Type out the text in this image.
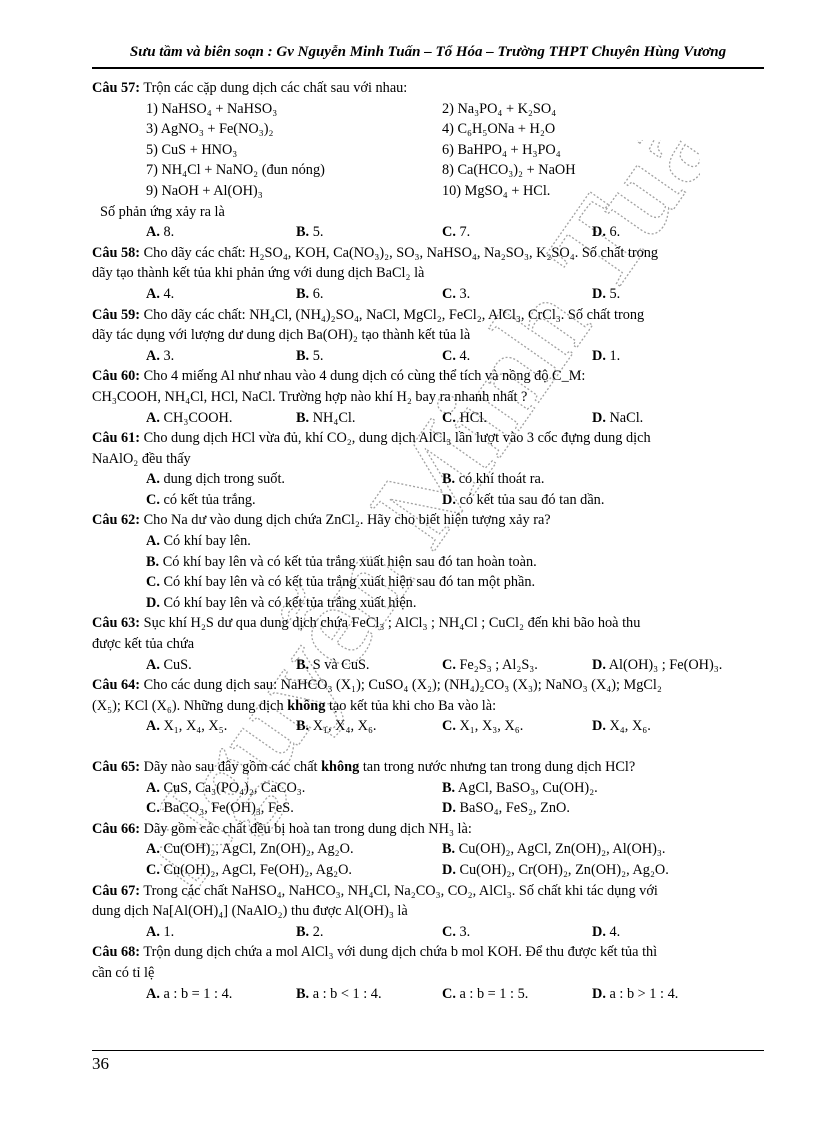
Sưu tầm và biên soạn : Gv Nguyễn Minh Tuấn – Tổ Hóa – Trường THPT Chuyên Hùng Vương
Nguyễn Minh Tuấn
Câu 57: Trộn các cặp dung dịch các chất sau với nhau:
1) NaHSO₄ + NaHSO₃	2) Na₃PO₄ + K₂SO₄
3) AgNO₃ + Fe(NO₃)₂	4) C₆H₅ONa + H₂O
5) CuS + HNO₃	6) BaHPO₄ + H₃PO₄
7) NH₄Cl + NaNO₂ (đun nóng)	8) Ca(HCO₃)₂ + NaOH
9) NaOH + Al(OH)₃	10) MgSO₄ + HCl.
Số phản ứng xảy ra là
A. 8.	B. 5.	C. 7.	D. 6.
Câu 58: Cho dãy các chất: H₂SO₄, KOH, Ca(NO₃)₂, SO₃, NaHSO₄, Na₂SO₃, K₂SO₄. Số chất trong
dãy tạo thành kết tủa khi phản ứng với dung dịch BaCl₂ là
A. 4.	B. 6.	C. 3.	D. 5.
Câu 59: Cho dãy các chất: NH₄Cl, (NH₄)₂SO₄, NaCl, MgCl₂, FeCl₂, AlCl₃, CrCl₃. Số chất trong
dãy tác dụng với lượng dư dung dịch Ba(OH)₂ tạo thành kết tủa là
A. 3.	B. 5.	C. 4.	D. 1.
Câu 60: Cho 4 miếng Al như nhau vào 4 dung dịch có cùng thể tích và nồng độ C_M:
CH₃COOH, NH₄Cl, HCl, NaCl. Trường hợp nào khí H₂ bay ra nhanh nhất ?
A. CH₃COOH.	B. NH₄Cl.	C. HCl.	D. NaCl.
Câu 61: Cho dung dịch HCl vừa đủ, khí CO₂, dung dịch AlCl₃ lần lượt vào 3 cốc đựng dung dịch
NaAlO₂ đều thấy
A. dung dịch trong suốt.	B. có khí thoát ra.
C. có kết tủa trắng.	D. có kết tủa sau đó tan dần.
Câu 62: Cho Na dư vào dung dịch chứa ZnCl₂. Hãy cho biết hiện tượng xảy ra?
A. Có khí bay lên.
B. Có khí bay lên và có kết tủa trắng xuất hiện sau đó tan hoàn toàn.
C. Có khí bay lên và có kết tủa trắng xuất hiện sau đó tan một phần.
D. Có khí bay lên và có kết tủa trắng xuất hiện.
Câu 63: Sục khí H₂S dư qua dung dịch chứa FeCl₃ ; AlCl₃ ; NH₄Cl ; CuCl₂ đến khi bão hoà thu
được kết tủa chứa
A. CuS.	B. S và CuS.	C. Fe₂S₃ ; Al₂S₃.	D. Al(OH)₃ ; Fe(OH)₃.
Câu 64: Cho các dung dịch sau: NaHCO₃ (X₁); CuSO₄ (X₂); (NH₄)₂CO₃ (X₃); NaNO₃ (X₄); MgCl₂
(X₅); KCl (X₆). Những dung dịch không tạo kết tủa khi cho Ba vào là:
A. X₁, X₄, X₅.	B. X₁, X₄, X₆.	C. X₁, X₃, X₆.	D. X₄, X₆.
Câu 65: Dãy nào sau đây gồm các chất không tan trong nước nhưng tan trong dung dịch HCl?
A. CuS, Ca₃(PO₄)₂, CaCO₃.	B. AgCl, BaSO₃, Cu(OH)₂.
C. BaCO₃, Fe(OH)₃, FeS.	D. BaSO₄, FeS₂, ZnO.
Câu 66: Dãy gồm các chất đều bị hoà tan trong dung dịch NH₃ là:
A. Cu(OH)₂, AgCl, Zn(OH)₂, Ag₂O.	B. Cu(OH)₂, AgCl, Zn(OH)₂, Al(OH)₃.
C. Cu(OH)₂, AgCl, Fe(OH)₂, Ag₂O.	D. Cu(OH)₂, Cr(OH)₂, Zn(OH)₂, Ag₂O.
Câu 67: Trong các chất NaHSO₄, NaHCO₃, NH₄Cl, Na₂CO₃, CO₂, AlCl₃. Số chất khi tác dụng với
dung dịch Na[Al(OH)₄] (NaAlO₂) thu được Al(OH)₃ là
A. 1.	B. 2.	C. 3.	D. 4.
Câu 68: Trộn dung dịch chứa a mol AlCl₃ với dung dịch chứa b mol KOH. Để thu được kết tủa thì
cần có tỉ lệ
A. a : b = 1 : 4.	B. a : b < 1 : 4.	C. a : b = 1 : 5.	D. a : b > 1 : 4.
36
